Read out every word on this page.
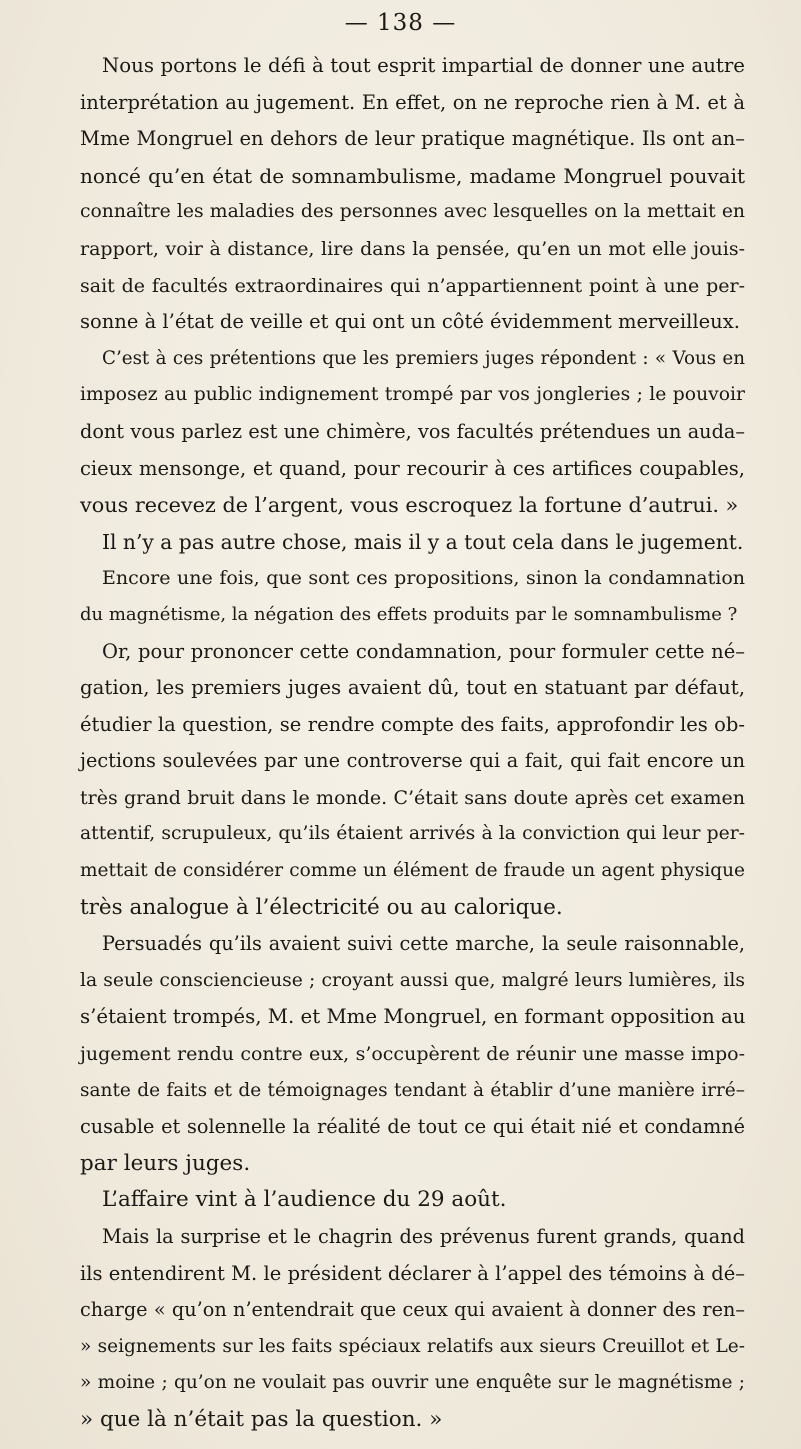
— 138 —
Nous portons le défi à tout esprit impartial de donner une autre
interprétation au jugement. En effet, on ne reproche rien à M. et à
Mme Mongruel en dehors de leur pratique magnétique. Ils ont an–
noncé qu’en état de somnambulisme, madame Mongruel pouvait
connaître les maladies des personnes avec lesquelles on la mettait en
rapport, voir à distance, lire dans la pensée, qu’en un mot elle jouis-
sait de facultés extraordinaires qui n’appartiennent point à une per-
sonne à l’état de veille et qui ont un côté évidemment merveilleux.
C’est à ces prétentions que les premiers juges répondent : « Vous en
imposez au public indignement trompé par vos jongleries ; le pouvoir
dont vous parlez est une chimère, vos facultés prétendues un auda–
cieux mensonge, et quand, pour recourir à ces artifices coupables,
vous recevez de l’argent, vous escroquez la fortune d’autrui. »
Il n’y a pas autre chose, mais il y a tout cela dans le jugement.
Encore une fois, que sont ces propositions, sinon la condamnation
du magnétisme, la négation des effets produits par le somnambulisme ?
Or, pour prononcer cette condamnation, pour formuler cette né–
gation, les premiers juges avaient dû, tout en statuant par défaut,
étudier la question, se rendre compte des faits, approfondir les ob-
jections soulevées par une controverse qui a fait, qui fait encore un
très grand bruit dans le monde. C’était sans doute après cet examen
attentif, scrupuleux, qu’ils étaient arrivés à la conviction qui leur per-
mettait de considérer comme un élément de fraude un agent physique
très analogue à l’électricité ou au calorique.
Persuadés qu’ils avaient suivi cette marche, la seule raisonnable,
la seule consciencieuse ; croyant aussi que, malgré leurs lumières, ils
s’étaient trompés, M. et Mme Mongruel, en formant opposition au
jugement rendu contre eux, s’occupèrent de réunir une masse impo-
sante de faits et de témoignages tendant à établir d’une manière irré–
cusable et solennelle la réalité de tout ce qui était nié et condamné
par leurs juges.
L’affaire vint à l’audience du 29 août.
Mais la surprise et le chagrin des prévenus furent grands, quand
ils entendirent M. le président déclarer à l’appel des témoins à dé–
charge « qu’on n’entendrait que ceux qui avaient à donner des ren–
» seignements sur les faits spéciaux relatifs aux sieurs Creuillot et Le-
» moine ; qu’on ne voulait pas ouvrir une enquête sur le magnétisme ;
» que là n’était pas la question. »
